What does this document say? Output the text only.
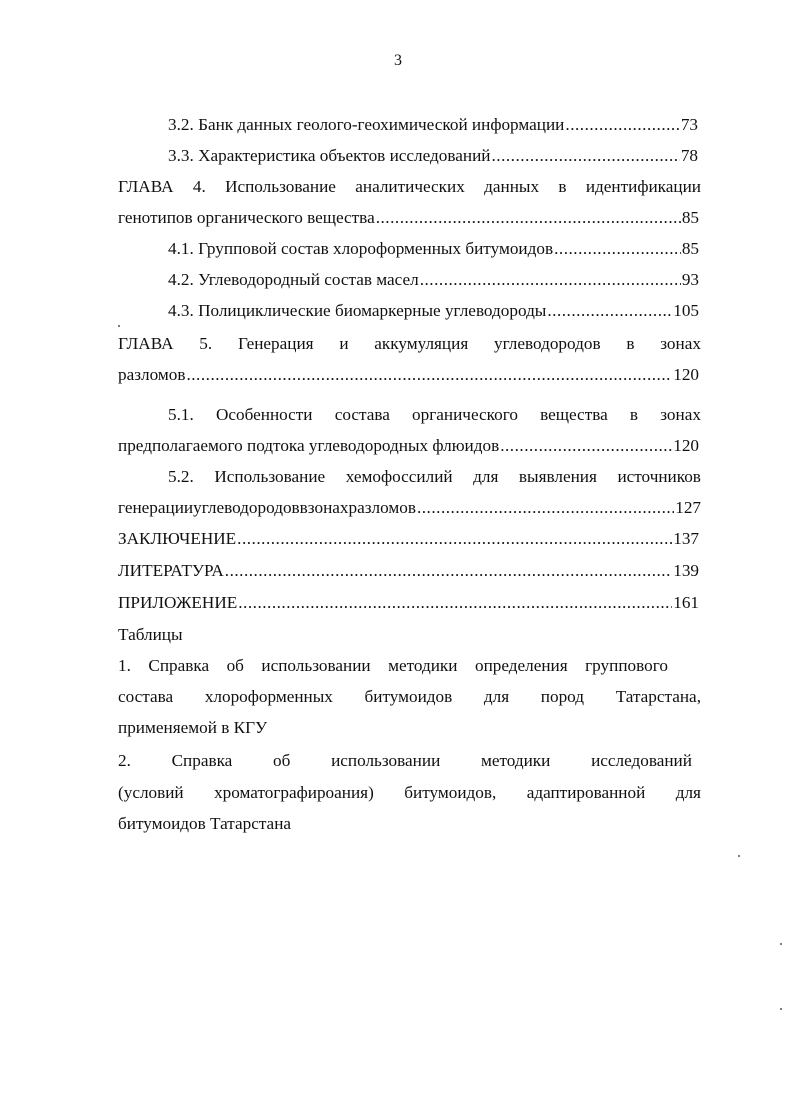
3
3.2. Банк данных геолого-геохимической информации .....	73
3.3. Характеристика объектов исследований .....	78
ГЛАВА 4. Использование аналитических данных в идентификации
генотипов органического вещества .....	85
4.1. Групповой состав хлороформенных битумоидов .....	85
4.2. Углеводородный состав масел .....	93
4.3. Полициклические биомаркерные углеводороды .....	105
ГЛАВА 5. Генерация и аккумуляция углеводородов в зонах
разломов .....	120
5.1. Особенности состава органического вещества в зонах
предполагаемого подтока углеводородных флюидов .....	120
5.2. Использование хемофоссилий для выявления источников
генерации углеводородов в зонах разломов .....	127
ЗАКЛЮЧЕНИЕ .....	137
ЛИТЕРАТУРА .....	139
ПРИЛОЖЕНИЕ .....	161
Таблицы
1. Справка об использовании методики определения группового
состава хлороформенных битумоидов для пород Татарстана,
применяемой в КГУ
2. Справка об использовании методики исследований
(условий хроматографироания) битумоидов, адаптированной для
битумоидов Татарстана
